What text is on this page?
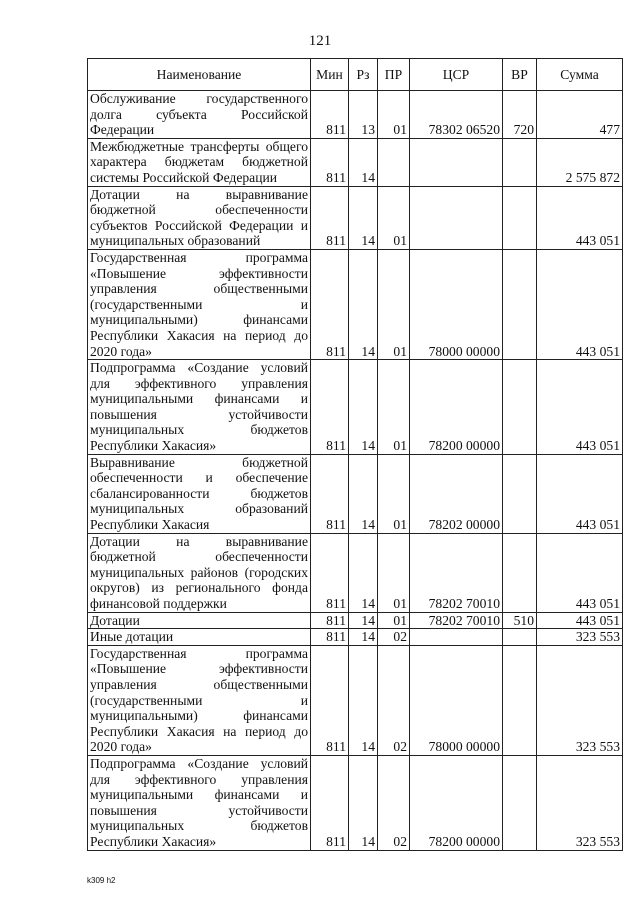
121
Наименование	Мин	Рз	ПР	ЦСР	ВР	Сумма
Обслуживание государственного долга субъекта Российской Федерации	811	13	01	78302 06520	720	477
Межбюджетные трансферты общего характера бюджетам бюджетной системы Российской Федерации	811	14				2 575 872
Дотации на выравнивание бюджетной обеспеченности субъектов Российской Федерации и муниципальных образований	811	14	01			443 051
Государственная программа «Повышение эффективности управления общественными (государственными и муниципальными) финансами Республики Хакасия на период до 2020 года»	811	14	01	78000 00000		443 051
Подпрограмма «Создание условий для эффективного управления муниципальными финансами и повышения устойчивости муниципальных бюджетов Республики Хакасия»	811	14	01	78200 00000		443 051
Выравнивание бюджетной обеспеченности и обеспечение сбалансированности бюджетов муниципальных образований Республики Хакасия	811	14	01	78202 00000		443 051
Дотации на выравнивание бюджетной обеспеченности муниципальных районов (городских округов) из регионального фонда финансовой поддержки	811	14	01	78202 70010		443 051
Дотации	811	14	01	78202 70010	510	443 051
Иные дотации	811	14	02			323 553
Государственная программа «Повышение эффективности управления общественными (государственными и муниципальными) финансами Республики Хакасия на период до 2020 года»	811	14	02	78000 00000		323 553
Подпрограмма «Создание условий для эффективного управления муниципальными финансами и повышения устойчивости муниципальных бюджетов Республики Хакасия»	811	14	02	78200 00000		323 553
k309 h2
